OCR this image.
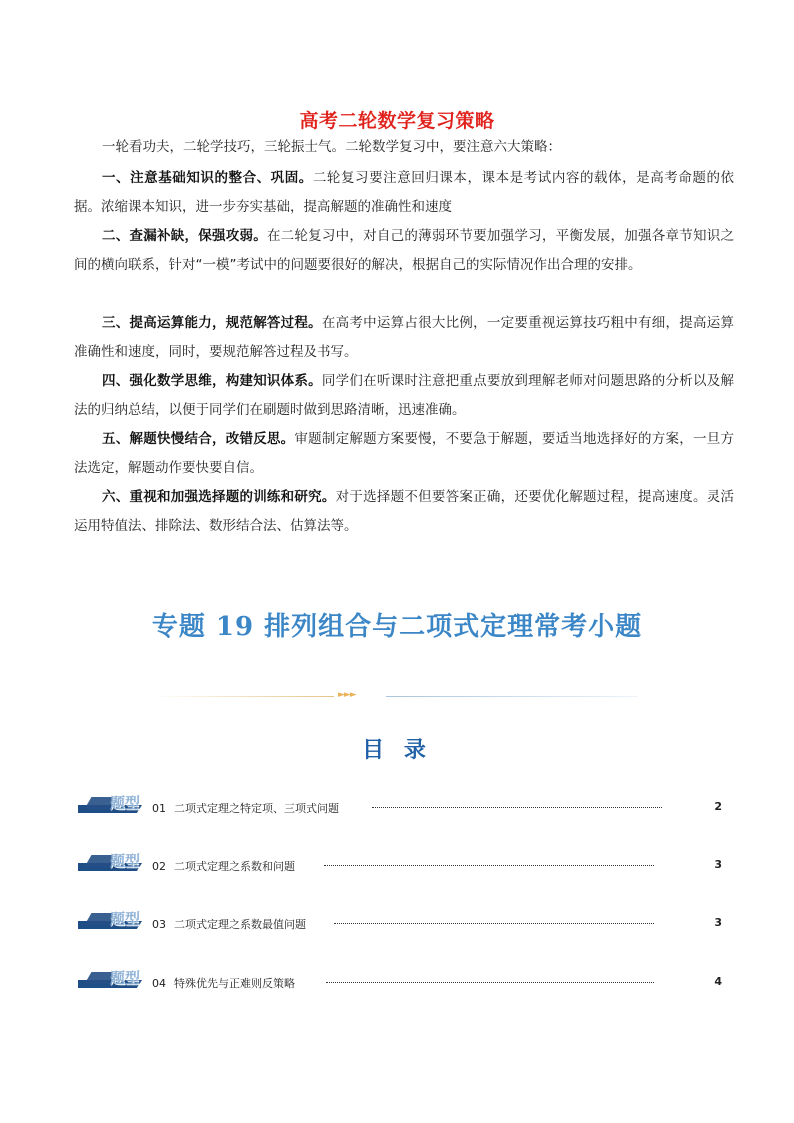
高考二轮数学复习策略
一轮看功夫，二轮学技巧，三轮振士气。二轮数学复习中，要注意六大策略：
一、注意基础知识的整合、巩固。二轮复习要注意回归课本，课本是考试内容的载体，是高考命题的依据。浓缩课本知识，进一步夯实基础，提高解题的准确性和速度
二、查漏补缺，保强攻弱。在二轮复习中，对自己的薄弱环节要加强学习，平衡发展，加强各章节知识之间的横向联系，针对“一模”考试中的问题要很好的解决，根据自己的实际情况作出合理的安排。
三、提高运算能力，规范解答过程。在高考中运算占很大比例，一定要重视运算技巧粗中有细，提高运算准确性和速度，同时，要规范解答过程及书写。
四、强化数学思维，构建知识体系。同学们在听课时注意把重点要放到理解老师对问题思路的分析以及解法的归纳总结，以便于同学们在刷题时做到思路清晰，迅速准确。
五、解题快慢结合，改错反思。审题制定解题方案要慢，不要急于解题，要适当地选择好的方案，一旦方法选定，解题动作要快要自信。
六、重视和加强选择题的训练和研究。对于选择题不但要答案正确，还要优化解题过程，提高速度。灵活运用特值法、排除法、数形结合法、估算法等。
专题 19 排列组合与二项式定理常考小题
►►►
目 录
题型 01 二项式定理之特定项、三项式问题	2
题型 02 二项式定理之系数和问题	3
题型 03 二项式定理之系数最值问题	3
题型 04 特殊优先与正难则反策略	4
